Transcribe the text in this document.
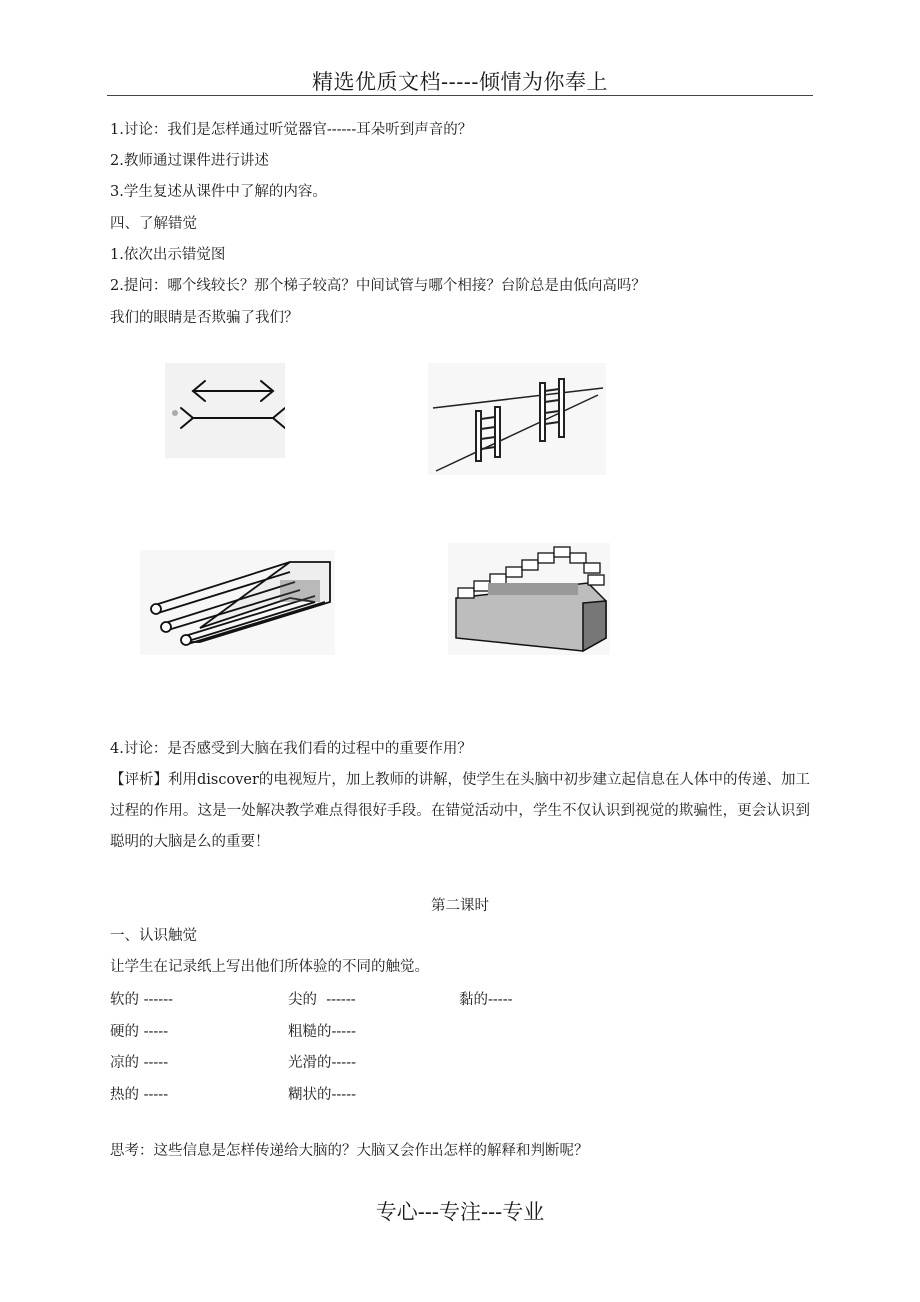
精选优质文档-----倾情为你奉上
1.讨论：我们是怎样通过听觉器官------耳朵听到声音的？
2.教师通过课件进行讲述
3.学生复述从课件中了解的内容。
四、了解错觉
1.依次出示错觉图
2.提问：哪个线较长？那个梯子较高？中间试管与哪个相接？台阶总是由低向高吗？
我们的眼睛是否欺骗了我们？
4.讨论：是否感受到大脑在我们看的过程中的重要作用？
【评析】利用discover的电视短片，加上教师的讲解，使学生在头脑中初步建立起信息在人体中的传递、加工过程的作用。这是一处解决教学难点得很好手段。在错觉活动中，学生不仅认识到视觉的欺骗性，更会认识到聪明的大脑是么的重要！
第二课时
一、认识触觉
让学生在记录纸上写出他们所体验的不同的触觉。
软的 ------	尖的  ------	黏的-----
硬的 -----	粗糙的-----
凉的 -----	光滑的-----
热的 -----	糊状的-----
思考：这些信息是怎样传递给大脑的？大脑又会作出怎样的解释和判断呢？
专心---专注---专业
